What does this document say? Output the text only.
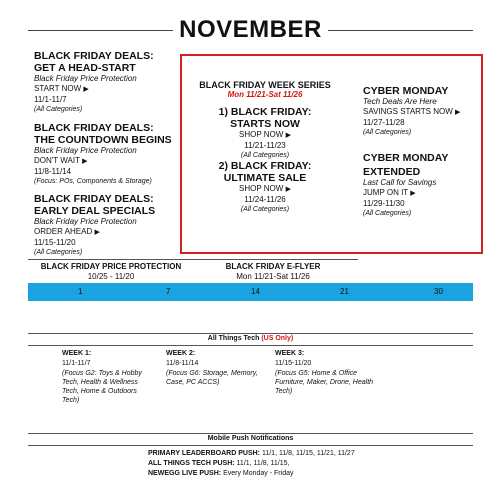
NOVEMBER
BLACK FRIDAY DEALS:
GET A HEAD-START
Black Friday Price Protection
START NOW ▶
11/1-11/7
(All Categories)
BLACK FRIDAY DEALS:
THE COUNTDOWN BEGINS
Black Friday Price Protection
DON'T WAIT ▶
11/8-11/14
(Focus: POs, Components & Storage)
BLACK FRIDAY DEALS:
EARLY DEAL SPECIALS
Black Friday Price Protection
ORDER AHEAD ▶
11/15-11/20
(All Categories)
BLACK FRIDAY WEEK SERIES
Mon 11/21-Sat 11/26
1) BLACK FRIDAY:
STARTS NOW
SHOP NOW ▶
11/21-11/23
(All Categories)
2) BLACK FRIDAY:
ULTIMATE SALE
SHOP NOW ▶
11/24-11/26
(All Categories)
CYBER MONDAY
Tech Deals Are Here
SAVINGS STARTS NOW ▶
11/27-11/28
(All Categories)
CYBER MONDAY
EXTENDED
Last Call for Savings
JUMP ON IT ▶
11/29-11/30
(All Categories)
BLACK FRIDAY PRICE PROTECTION
10/25 - 11/20
BLACK FRIDAY E-FLYER
Mon 11/21-Sat 11/26
1	7	14	21	30
All Things Tech (US Only)
WEEK 1:
11/1-11/7
(Focus G2: Toys & Hobby Tech, Health & Wellness Tech, Home & Outdoors Tech)
WEEK 2:
11/8-11/14
(Focus G6: Storage, Memory, Case, PC ACCS)
WEEK 3:
11/15-11/20
(Focus G5: Home & Office Furniture, Maker, Drone, Health Tech)
Mobile Push Notifications
PRIMARY LEADERBOARD PUSH: 11/1, 11/8, 11/15, 11/21, 11/27
ALL THINGS TECH PUSH: 11/1, 11/8, 11/15,
NEWEGG LIVE PUSH: Every Monday - Friday
